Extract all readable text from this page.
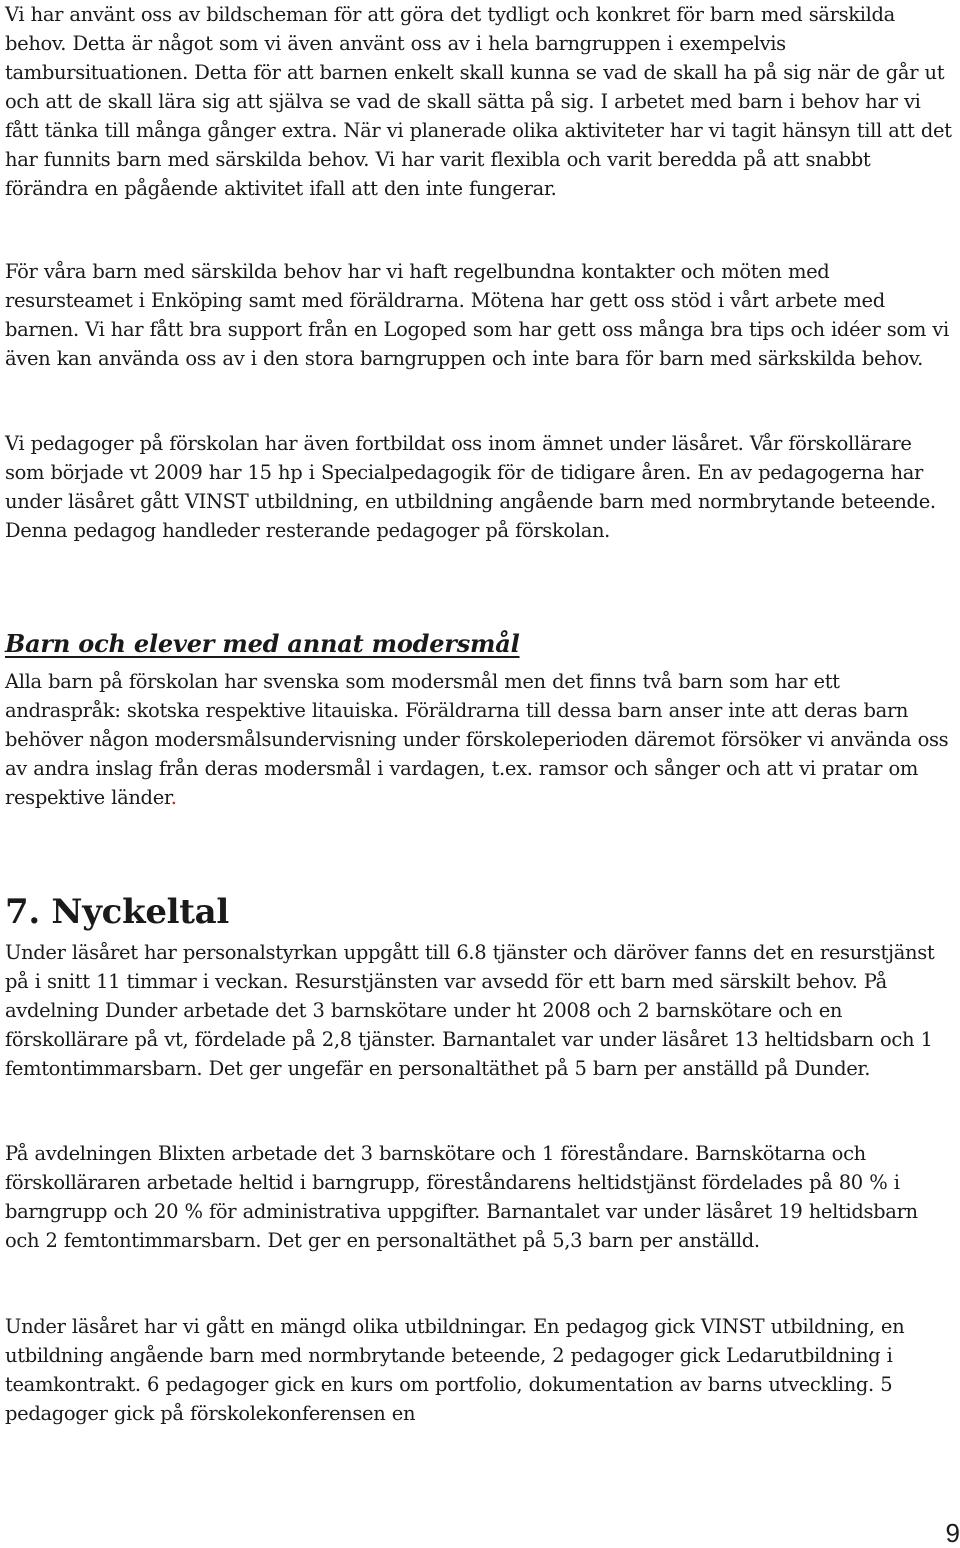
Vi har använt oss av bildscheman för att göra det tydligt och konkret för barn med särskilda behov. Detta är något som vi även använt oss av i hela barngruppen i exempelvis tambursituationen. Detta för att barnen enkelt skall kunna se vad de skall ha på sig när de går ut och att de skall lära sig att själva se vad de skall sätta på sig. I arbetet med barn i behov har vi fått tänka till många gånger extra. När vi planerade olika aktiviteter har vi tagit hänsyn till att det har funnits barn med särskilda behov. Vi har varit flexibla och varit beredda på att snabbt förändra en pågående aktivitet ifall att den inte fungerar.

För våra barn med särskilda behov har vi haft regelbundna kontakter och möten med resursteamet i Enköping samt med föräldrarna. Mötena har gett oss stöd i vårt arbete med barnen. Vi har fått bra support från en Logoped som har gett oss många bra tips och idéer som vi även kan använda oss av i den stora barngruppen och inte bara för barn med särkskilda behov.

Vi pedagoger på förskolan har även fortbildat oss inom ämnet under läsåret. Vår förskollärare som började vt 2009 har 15 hp i Specialpedagogik för de tidigare åren. En av pedagogerna har under läsåret gått VINST utbildning, en utbildning angående barn med normbrytande beteende. Denna pedagog handleder resterande pedagoger på förskolan.

Barn och elever med annat modersmål

Alla barn på förskolan har svenska som modersmål men det finns två barn som har ett andraspråk: skotska respektive litauiska. Föräldrarna till dessa barn anser inte att deras barn behöver någon modersmålsundervisning under förskoleperioden däremot försöker vi använda oss av andra inslag från deras modersmål i vardagen, t.ex. ramsor och sånger och att vi pratar om respektive länder.

7. Nyckeltal

Under läsåret har personalstyrkan uppgått till 6.8 tjänster och däröver fanns det en resurstjänst på i snitt 11 timmar i veckan. Resurstjänsten var avsedd för ett barn med särskilt behov. På avdelning Dunder arbetade det 3 barnskötare under ht 2008 och 2 barnskötare och en förskollärare på vt, fördelade på 2,8 tjänster. Barnantalet var under läsåret 13 heltidsbarn och 1 femtontimmarsbarn. Det ger ungefär en personaltäthet på 5 barn per anställd på Dunder.

På avdelningen Blixten arbetade det 3 barnskötare och 1 föreståndare. Barnskötarna och förskolläraren arbetade heltid i barngrupp, föreståndarens heltidstjänst fördelades på 80 % i barngrupp och 20 % för administrativa uppgifter. Barnantalet var under läsåret 19 heltidsbarn och 2 femtontimmarsbarn. Det ger en personaltäthet på 5,3 barn per anställd.

Under läsåret har vi gått en mängd olika utbildningar. En pedagog gick VINST utbildning, en utbildning angående barn med normbrytande beteende, 2 pedagoger gick Ledarutbildning i teamkontrakt. 6 pedagoger gick en kurs om portfolio, dokumentation av barns utveckling. 5 pedagoger gick på förskolekonferensen en

9
